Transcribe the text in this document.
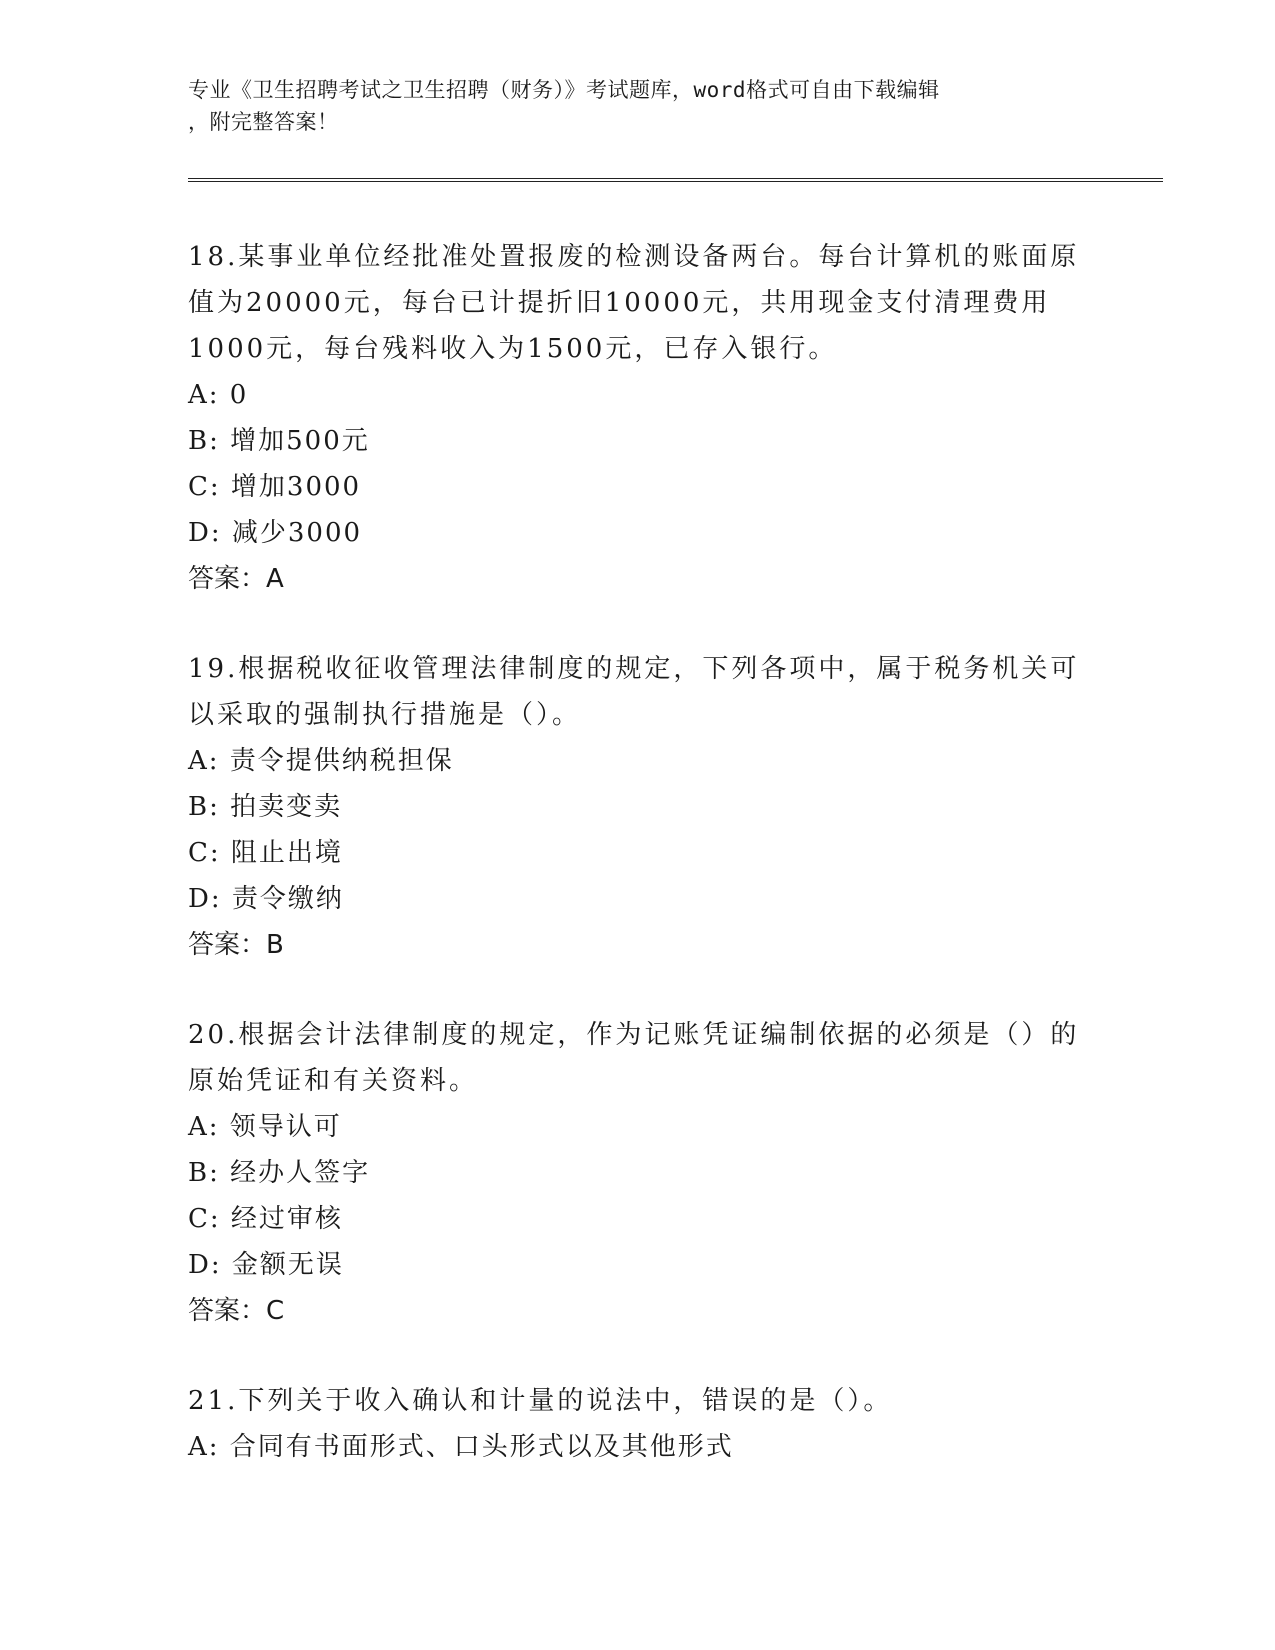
专业《卫生招聘考试之卫生招聘（财务）》考试题库，word格式可自由下载编辑
，附完整答案！

18.某事业单位经批准处置报废的检测设备两台。每台计算机的账面原值为20000元，每台已计提折旧10000元，共用现金支付清理费用1000元，每台残料收入为1500元，已存入银行。

A: 0

B: 增加500元

C: 增加3000

D: 减少3000

答案：A

19.根据税收征收管理法律制度的规定，下列各项中，属于税务机关可以采取的强制执行措施是（）。

A: 责令提供纳税担保

B: 拍卖变卖

C: 阻止出境

D: 责令缴纳

答案：B

20.根据会计法律制度的规定，作为记账凭证编制依据的必须是（）的原始凭证和有关资料。

A: 领导认可

B: 经办人签字

C: 经过审核

D: 金额无误

答案：C

21.下列关于收入确认和计量的说法中，错误的是（）。

A: 合同有书面形式、口头形式以及其他形式
